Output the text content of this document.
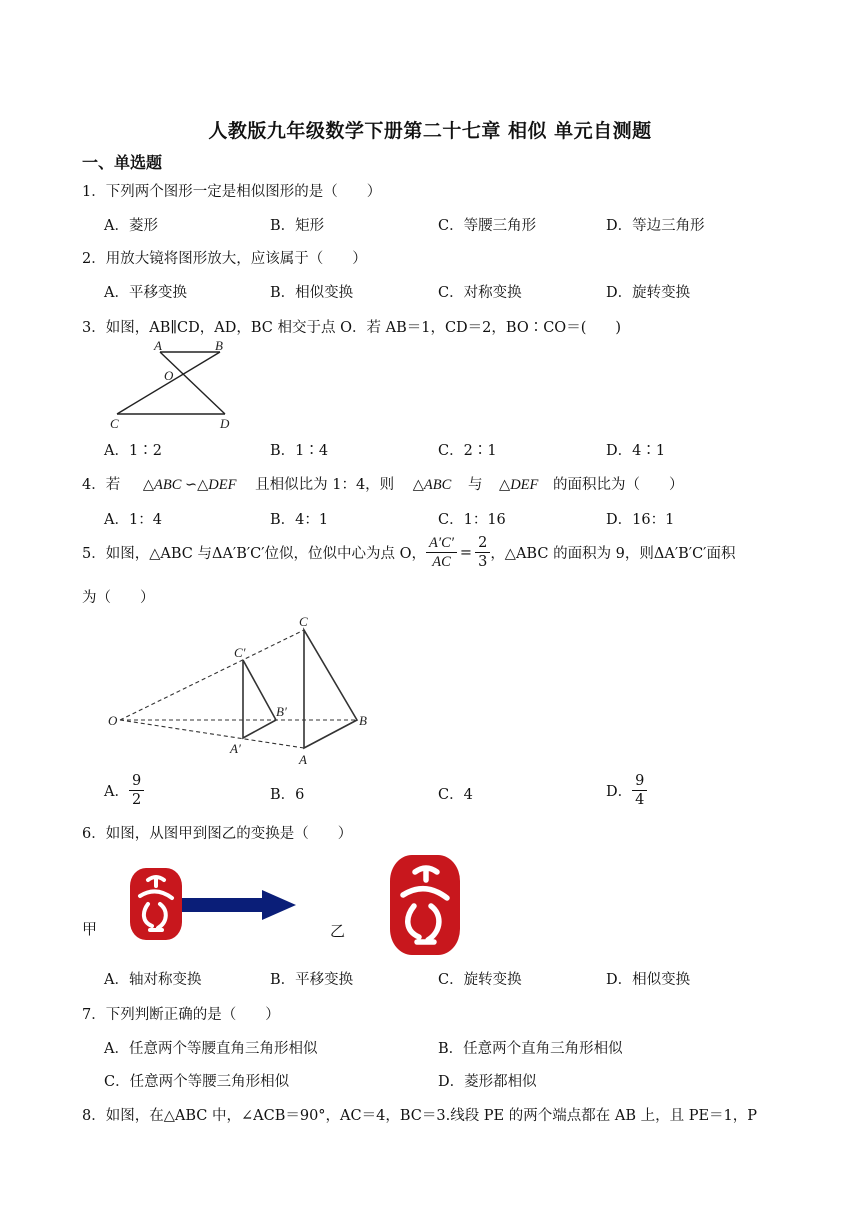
人教版九年级数学下册第二十七章 相似 单元自测题
一、单选题
1．下列两个图形一定是相似图形的是（　　）
A．菱形	B．矩形	C．等腰三角形	D．等边三角形
2．用放大镜将图形放大，应该属于（　　）
A．平移变换	B．相似变换	C．对称变换	D．旋转变换
3．如图，AB∥CD，AD，BC 相交于点 O．若 AB＝1，CD＝2，BO∶CO＝(　　)
A	B
O
C	D
A．1∶2	B．1∶4	C．2∶1	D．4∶1
4．若 △ABC ∽△DEF 且相似比为 1：4，则 △ABC 与 △DEF 的面积比为（　　）
A．1：4	B．4：1	C．1：16	D．16：1
5．如图，△ABC 与ΔA′B′C′位似，位似中心为点 O， $\frac{A'C'}{AC} = \frac{2}{3}$ ，△ABC 的面积为 9，则ΔA′B′C′面积
为（　　）
O
C
B
A
C′
B′
A′
A． $\frac{9}{2}$	B．6	C．4	D． $\frac{9}{4}$
6．如图，从图甲到图乙的变换是（　　）
甲	乙
A．轴对称变换	B．平移变换	C．旋转变换	D．相似变换
7．下列判断正确的是（　　）
A．任意两个等腰直角三角形相似	B．任意两个直角三角形相似
C．任意两个等腰三角形相似	D．菱形都相似
8．如图，在△ABC 中，∠ACB＝90°，AC＝4，BC＝3.线段 PE 的两个端点都在 AB 上，且 PE＝1，P
